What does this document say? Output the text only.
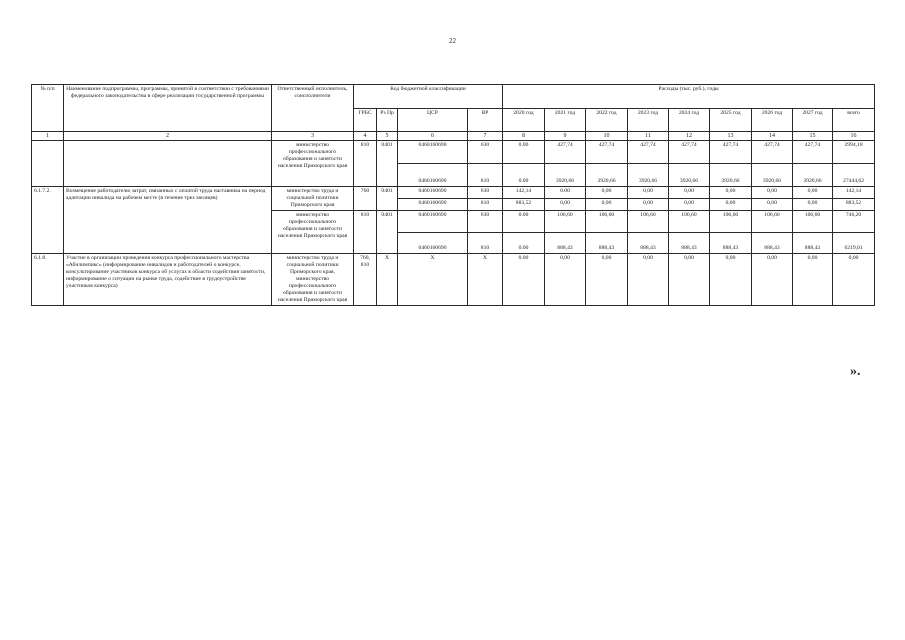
22
№ п/п	Наименование подпрограммы, программы, принятой в соответствии с требованиями федерального законодательства в сфере реализации государственной программы	Ответственный исполнитель, соисполнители	Код бюджетной классификации				Расходы (тыс. руб.), годы								
			ГРБС	Рз Пр	ЦСР	ВР	2020 год	2021 год	2022 год	2023 год	2024 год	2025 год	2026 год	2027 год	всего
1	2	3	4	5	6	7	8	9	10	11	12	13	14	15	16
		министерство профессионального образования и занятости населения Приморского края	810	0401	0460160690	630	0.00	427,74	427,74	427,74	427,74	427,74	427,74	427,74	2994,18
					0460160690	810	0.00	3920,66	3920,66	3920,66	3920,66	3920,66	3920,66	3920,66	27444,62
6.1.7.2.	Возмещение работодателю затрат, связанных с оплатой труда наставника на период адаптации инвалида на рабочем месте (в течение трех месяцев)	министерство труда и социальной политики Приморского края	760	0401	0460160690	630	142,14	0.00	0,00	0,00	0,00	0,00	0,00	0,00	142,14
					0460160690	810	883,52	0,00	0,00	0,00	0,00	0,00	0,00	0,00	883,52
		министерство профессионального образования и занятости населения Приморского края	810	0401	0460160690	630	0.00	106,60	106,60	106,60	106,60	106,60	106,60	106,60	746,20
					0460160690	810	0.00	888,43	888,43	888,43	888,43	888,43	888,43	888,43	6219,01
6.1.8.	Участие в организации проведения конкурса профессионального мастерства «Абилимпикс» (информирование инвалидов и работодателей о конкурсе, консультирование участников конкурса об услугах в области содействия занятости, информирование о ситуации на рынке труда, содействие в трудоустройстве участников конкурса)	министерство труда и социальной политики Приморского края, министерство профессионального образования и занятости населения Приморского края	760, 810	X	X	X	0.00	0,00	0,00	0,00	0,00	0,00	0,00	0,00	0,00
».
